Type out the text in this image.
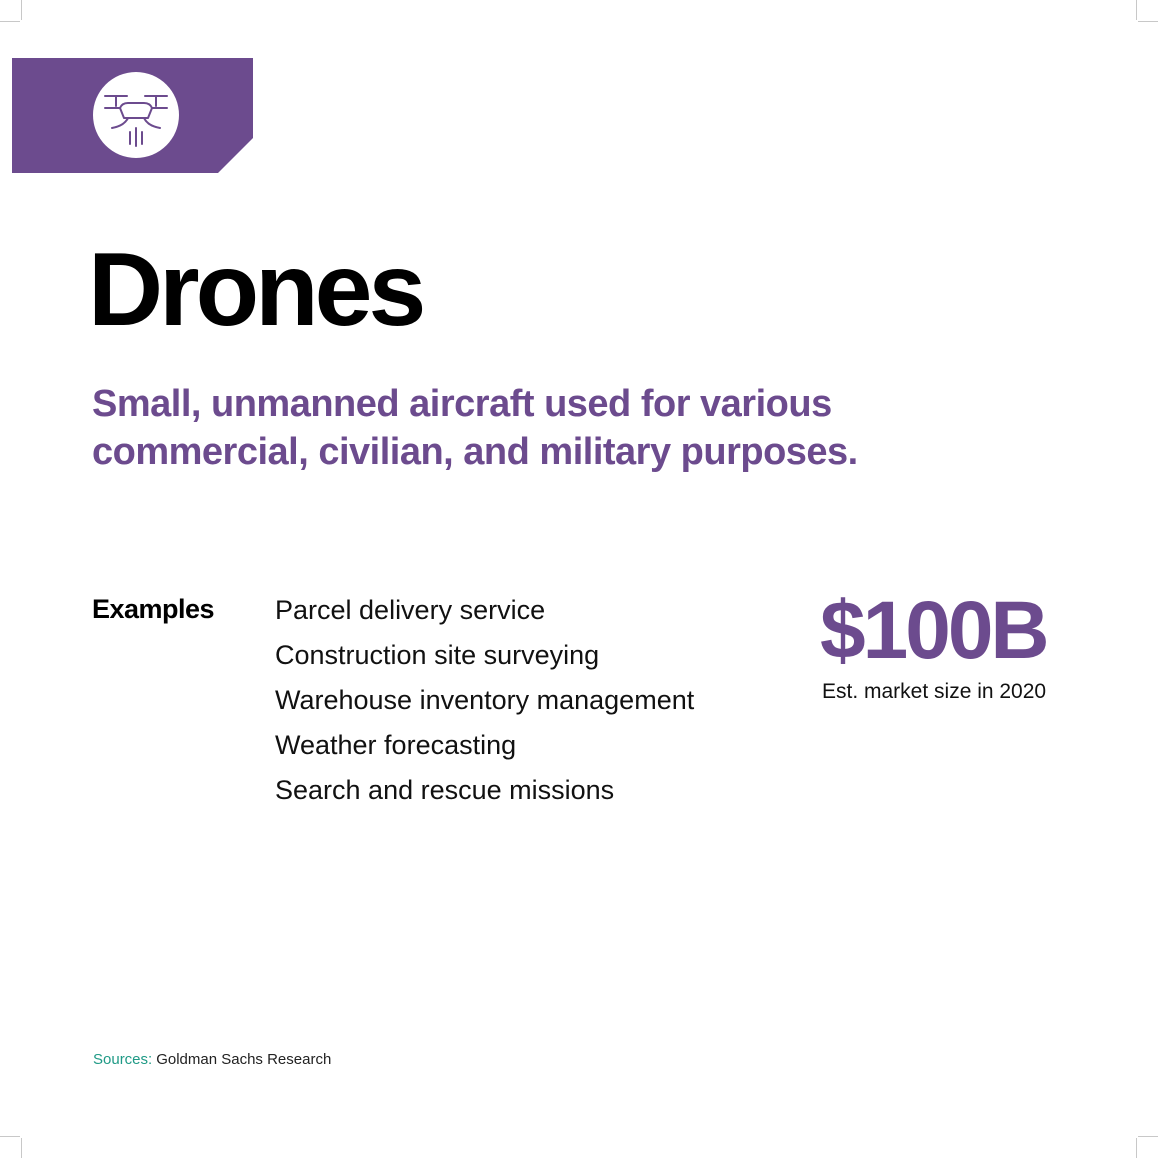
Drones

Small, unmanned aircraft used for various commercial, civilian, and military purposes.

Examples Parcel delivery service
Construction site surveying
Warehouse inventory management
Weather forecasting
Search and rescue missions
$100B
Est. market size in 2020
Sources: Goldman Sachs Research
